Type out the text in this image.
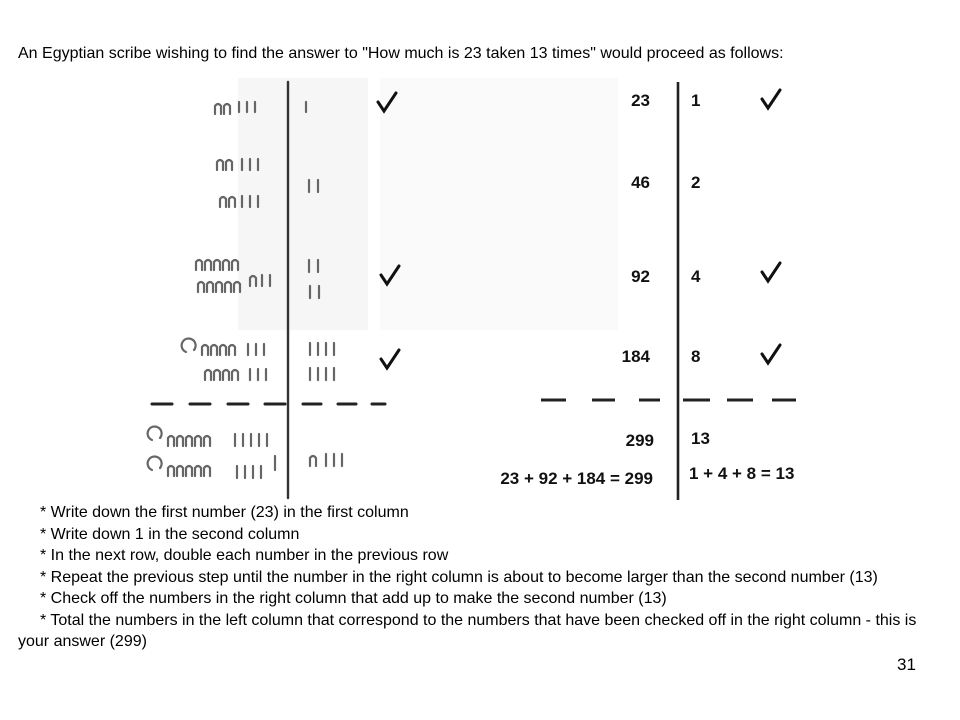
An Egyptian scribe wishing to find the answer to "How much is 23 taken 13 times" would proceed as follows:
23 1
46 2
92 4
184 8
299 13
23 + 92 + 184 = 299 1 + 4 + 8 = 13

* Write down the first number (23) in the first column

* Write down 1 in the second column

* In the next row, double each number in the previous row

* Repeat the previous step until the number in the right column is about to become larger than the second number (13)

* Check off the numbers in the right column that add up to make the second number (13)

* Total the numbers in the left column that correspond to the numbers that have been checked off in the right column - this is your answer (299)

31
